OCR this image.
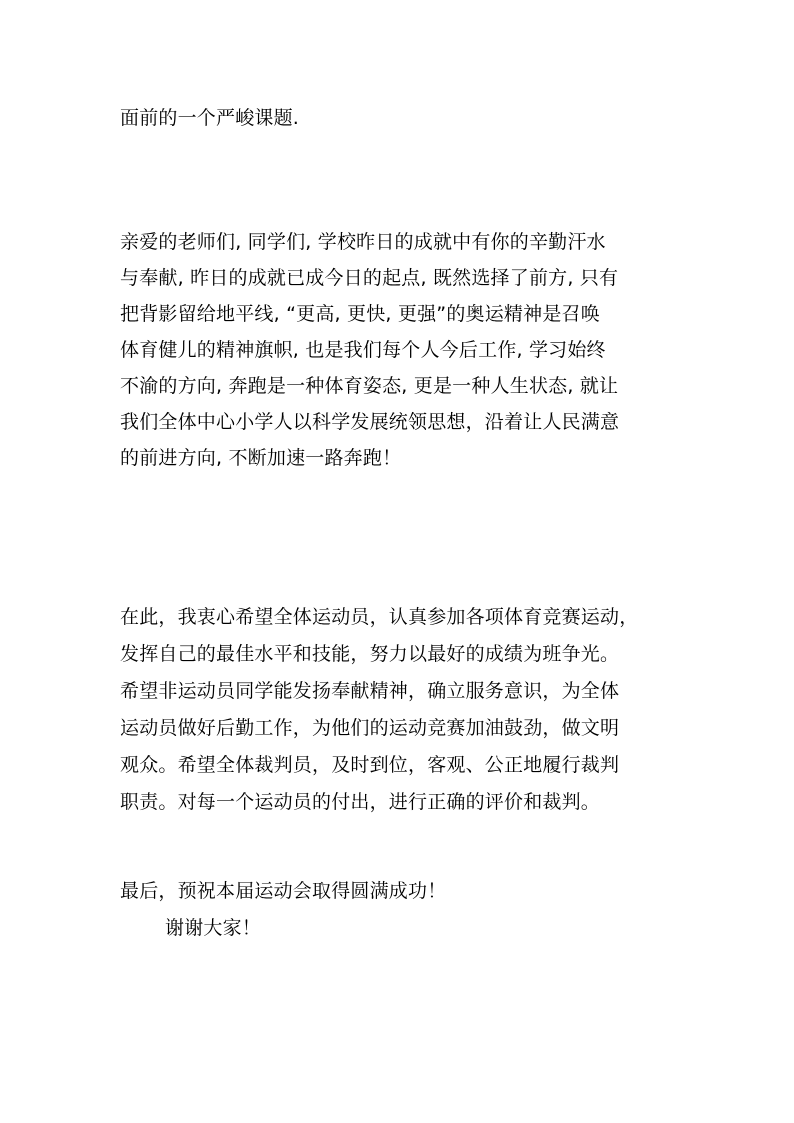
面前的一个严峻课题.
亲爱的老师们, 同学们, 学校昨日的成就中有你的辛勤汗水
与奉献, 昨日的成就已成今日的起点, 既然选择了前方, 只有
把背影留给地平线, “更高, 更快, 更强”的奥运精神是召唤
体育健儿的精神旗帜, 也是我们每个人今后工作, 学习始终
不渝的方向, 奔跑是一种体育姿态, 更是一种人生状态, 就让
我们全体中心小学人以科学发展统领思想，沿着让人民满意
的前进方向, 不断加速一路奔跑！
在此，我衷心希望全体运动员，认真参加各项体育竞赛运动，
发挥自己的最佳水平和技能，努力以最好的成绩为班争光。
希望非运动员同学能发扬奉献精神，确立服务意识，为全体
运动员做好后勤工作，为他们的运动竞赛加油鼓劲，做文明
观众。希望全体裁判员，及时到位，客观、公正地履行裁判
职责。对每一个运动员的付出，进行正确的评价和裁判。
最后，预祝本届运动会取得圆满成功！
谢谢大家！
